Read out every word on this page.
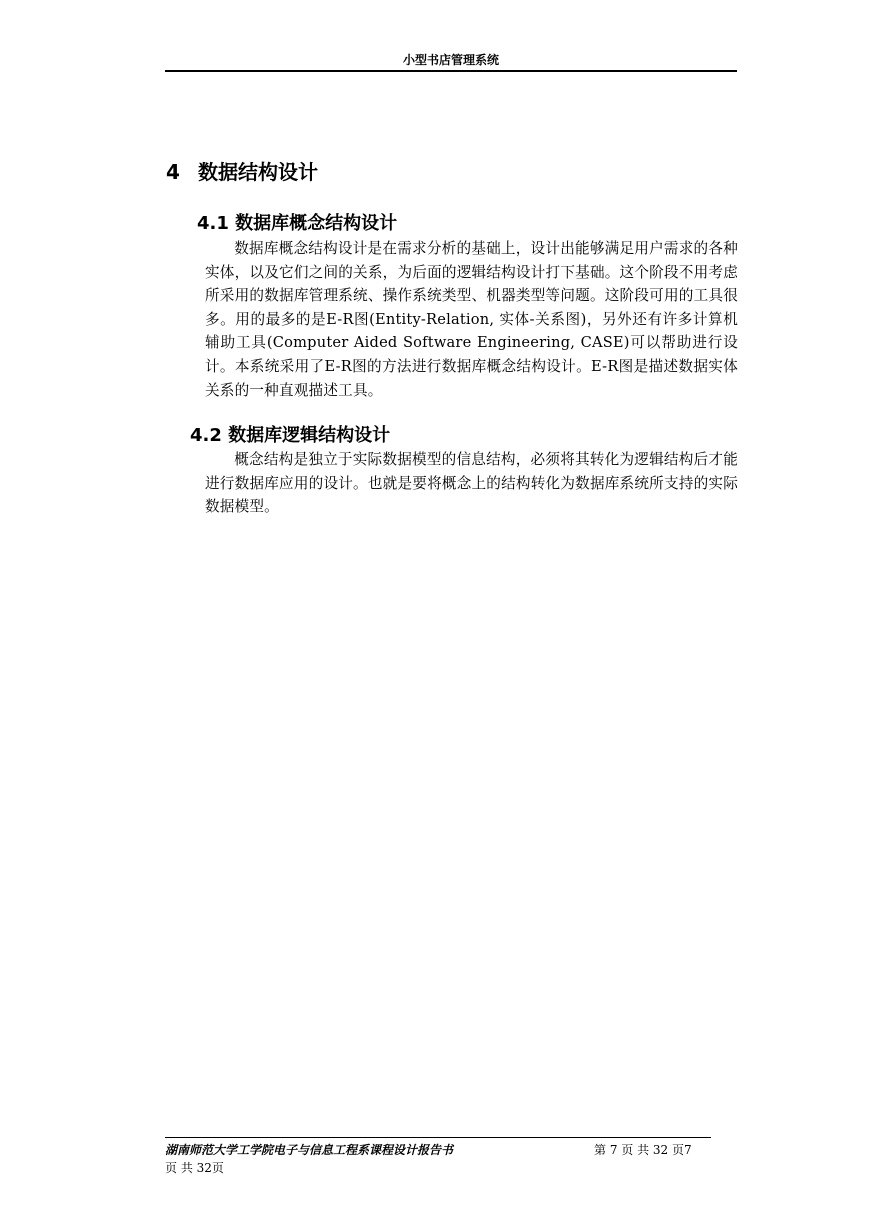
小型书店管理系统
4 数据结构设计
4.1 数据库概念结构设计

数据库概念结构设计是在需求分析的基础上，设计出能够满足用户需求的各种实体，以及它们之间的关系，为后面的逻辑结构设计打下基础。这个阶段不用考虑所采用的数据库管理系统、操作系统类型、机器类型等问题。这阶段可用的工具很多。用的最多的是E-R图(Entity-Relation, 实体-关系图)，另外还有许多计算机辅助工具(Computer Aided Software Engineering, CASE)可以帮助进行设计。本系统采用了E-R图的方法进行数据库概念结构设计。E-R图是描述数据实体关系的一种直观描述工具。

4.2 数据库逻辑结构设计

概念结构是独立于实际数据模型的信息结构，必须将其转化为逻辑结构后才能进行数据库应用的设计。也就是要将概念上的结构转化为数据库系统所支持的实际数据模型。

湖南师范大学工学院电子与信息工程系课程设计报告书	第 7 页 共 32 页7
页 共 32页
